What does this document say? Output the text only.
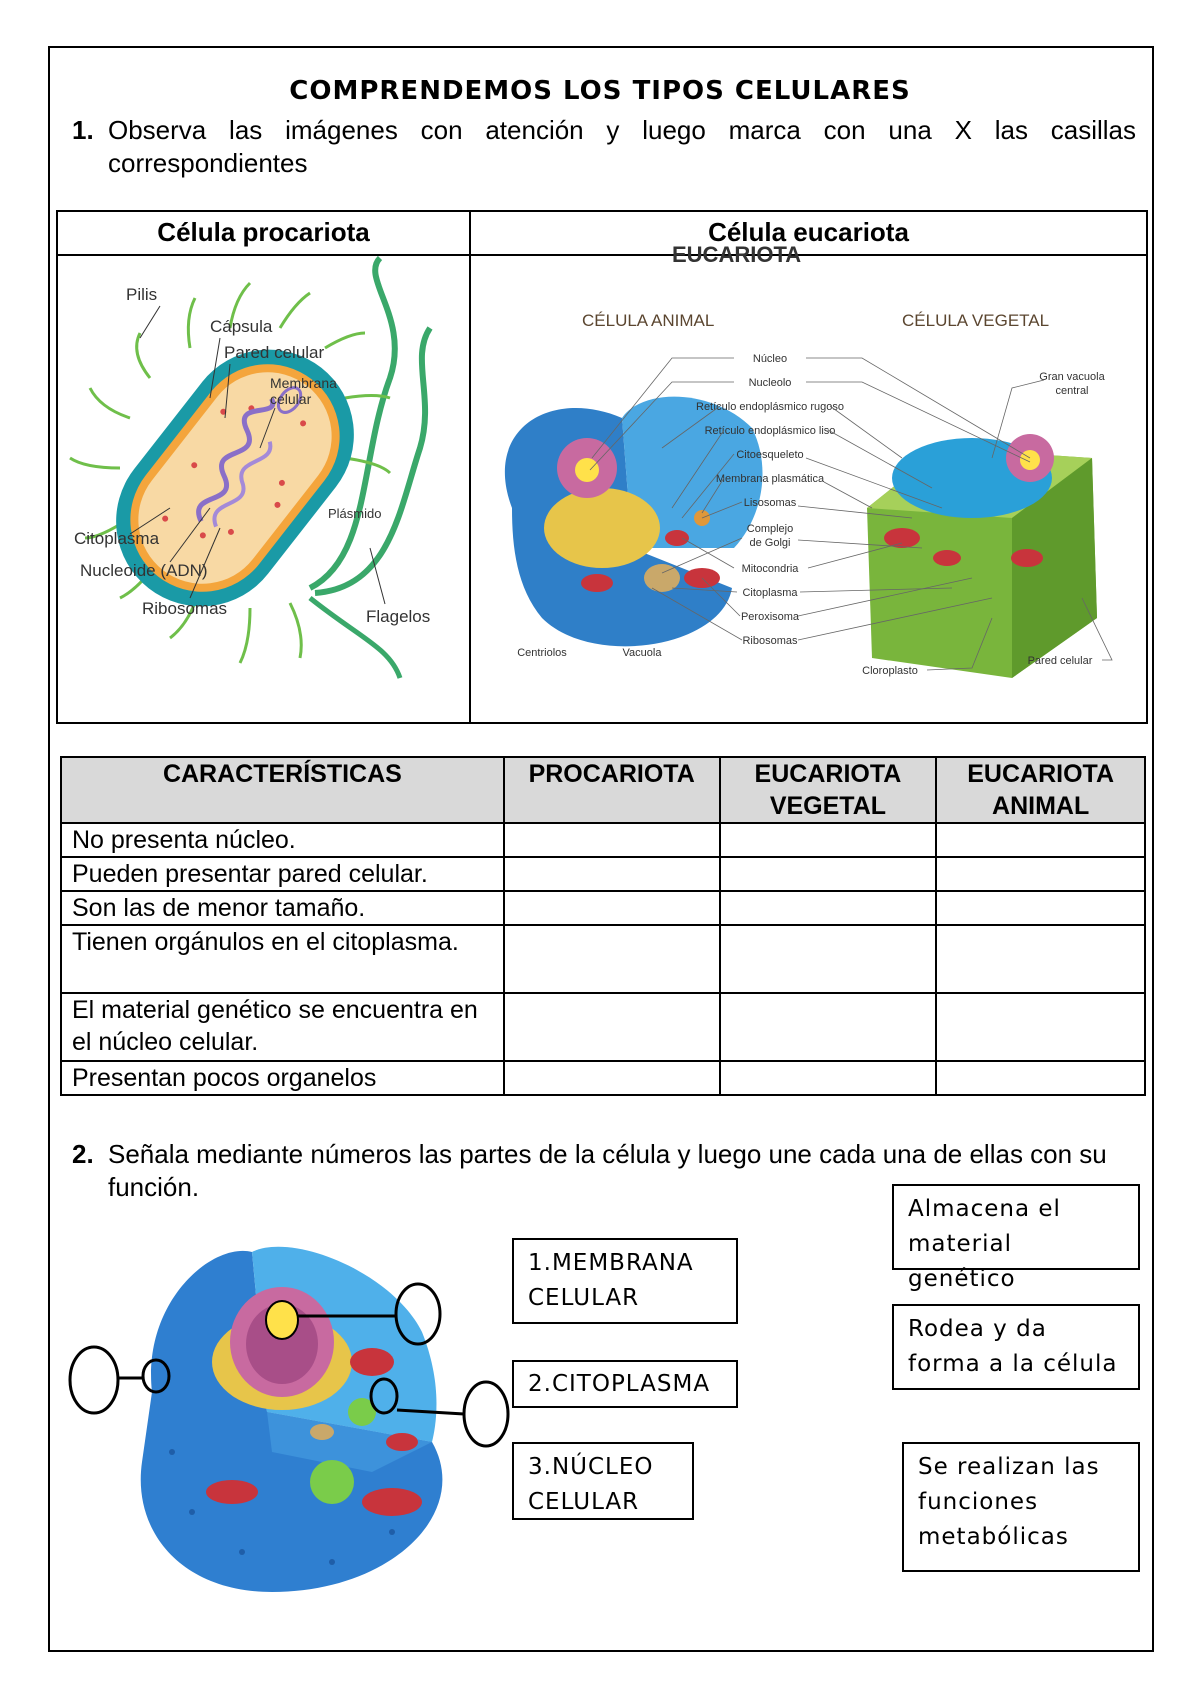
COMPRENDEMOS LOS TIPOS CELULARES
1. Observa las imágenes con atención y luego marca con una X las casillas correspondientes
Célula procariota	Célula eucariota
Pilis
Cápsula
Pared celular
Membrana
celular
Citoplasma
Nucleoide (ADN)
Ribosomas	Flagelos
Plásmido
EUCARIOTA
CÉLULA ANIMAL	CÉLULA VEGETAL
Núcleo
Nucleolo
Retículo endoplásmico rugoso
Retículo endoplásmico liso
Citoesqueleto
Membrana plasmática
Lisosomas
Complejo
de Golgi
Mitocondria
Citoplasma
Peroxisoma
Ribosomas
Gran vacuola
central
Centriolos	Vacuola
Cloroplasto
Pared celular
CARACTERÍSTICAS	PROCARIOTA	EUCARIOTA VEGETAL	EUCARIOTA ANIMAL
No presenta núcleo.			
Pueden presentar pared celular.			
Son las de menor tamaño.			
Tienen orgánulos en el citoplasma.			
El material genético se encuentra en el núcleo celular.			
Presentan pocos organelos			
2. Señala mediante números las partes de la célula y luego une cada una de ellas con su función.
1.MEMBRANA CELULAR
2.CITOPLASMA
3.NÚCLEO CELULAR
Almacena el material genético
Rodea y da forma a la célula
Se realizan las funciones metabólicas
